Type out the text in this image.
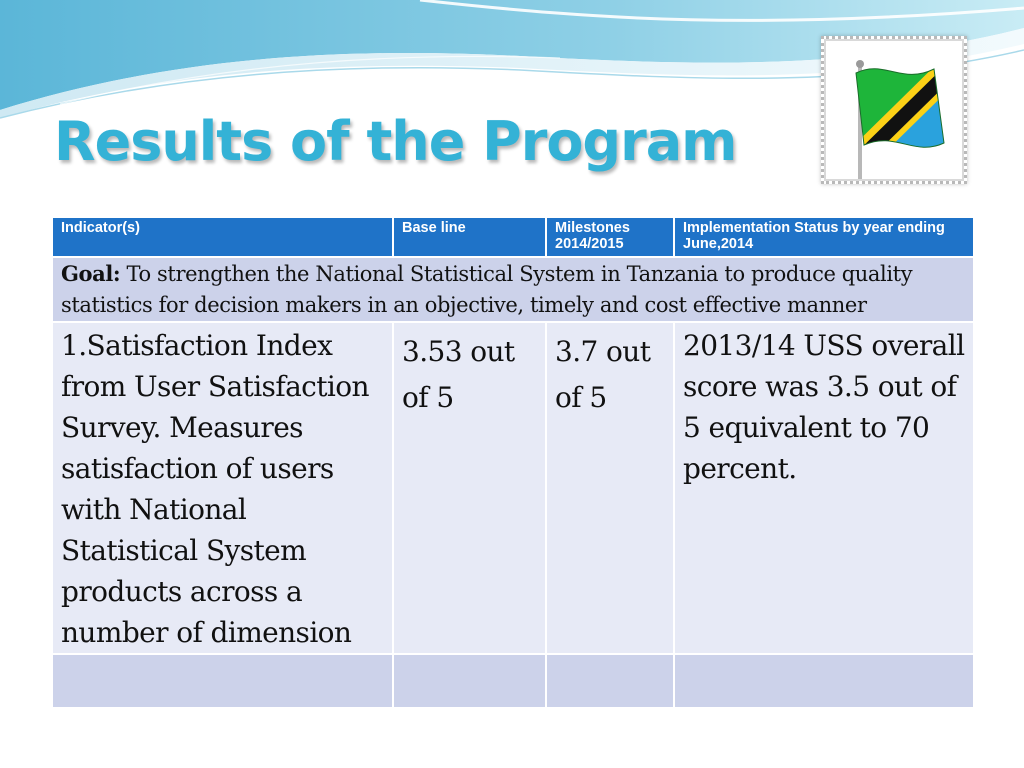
Results of the Program
Indicator(s)	Base line	Milestones 2014/2015	Implementation Status by year ending June,2014
Goal: To strengthen the National Statistical System in Tanzania to produce quality statistics for decision makers in an objective, timely and cost effective manner			
1.Satisfaction Index from User Satisfaction Survey. Measures satisfaction of users with National Statistical System products across a number of dimension	3.53 out of 5	3.7 out of 5	2013/14 USS overall score was 3.5 out of 5 equivalent to 70 percent.
